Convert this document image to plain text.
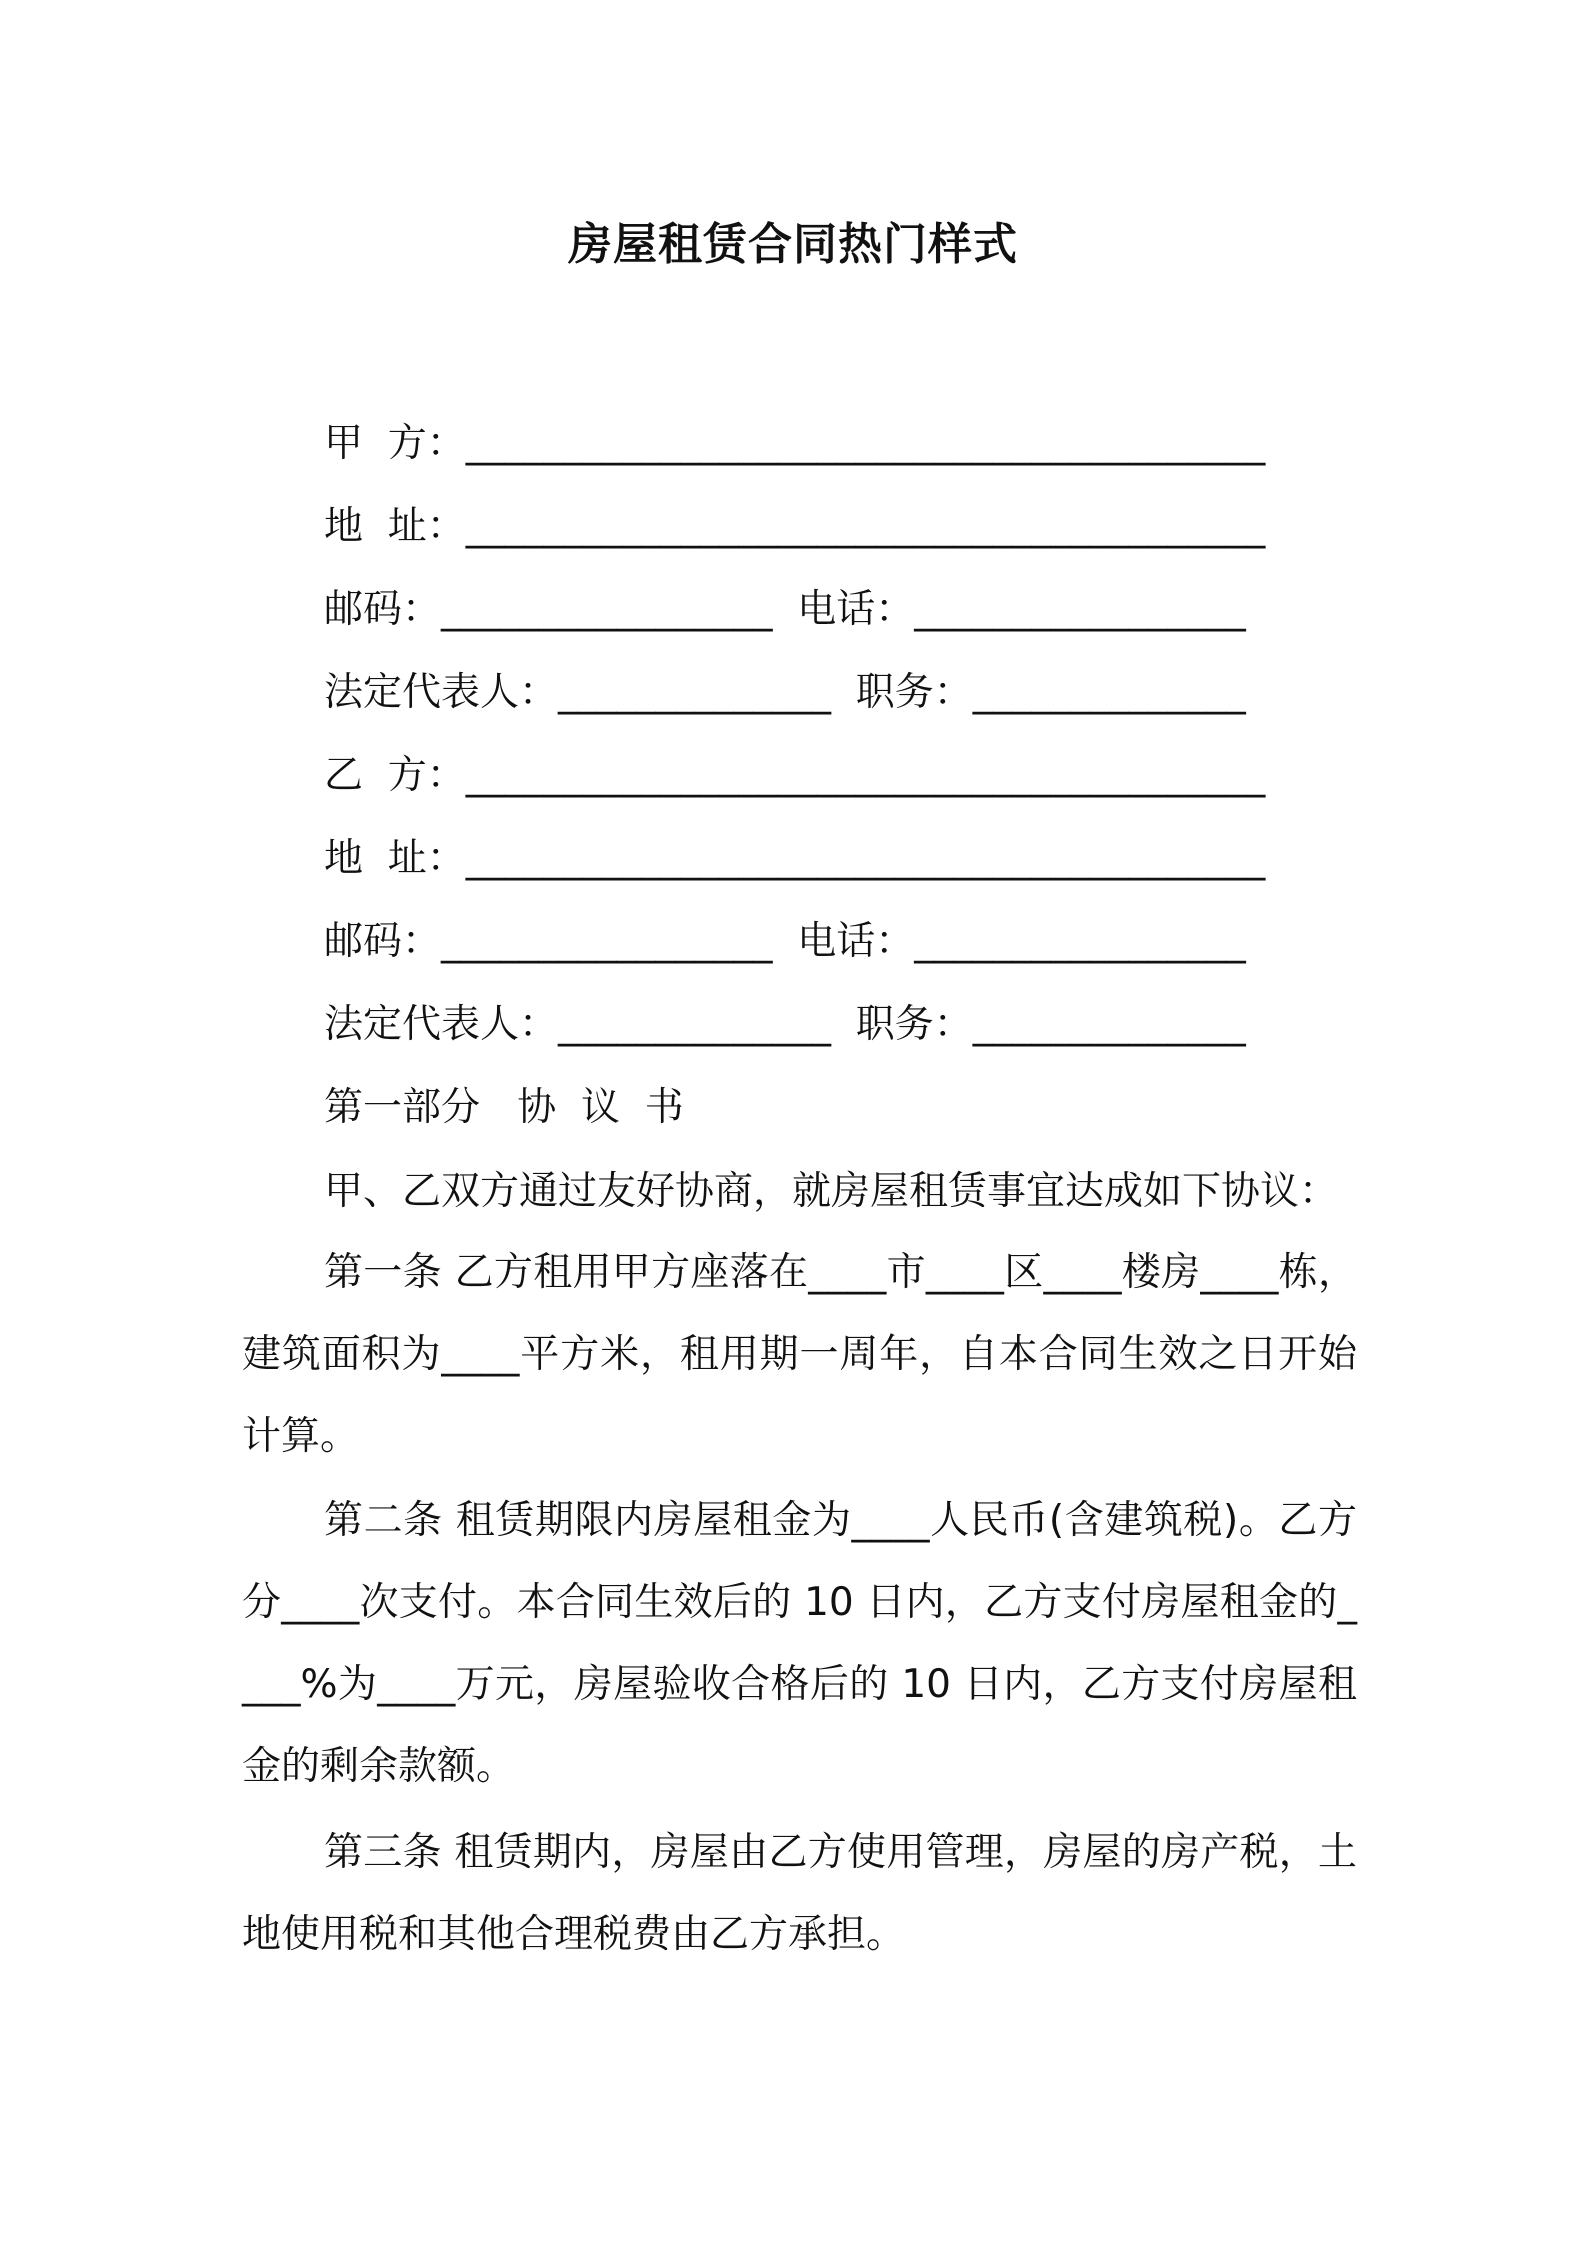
房屋租赁合同热门样式
甲  方：_________________________________________
地  址：_________________________________________
邮码：_________________  电话：_________________
法定代表人：______________  职务：______________
乙  方：_________________________________________
地  址：_________________________________________
邮码：_________________  电话：_________________
法定代表人：______________  职务：______________
第一部分   协  议  书
甲、乙双方通过友好协商，就房屋租赁事宜达成如下协议：
第一条 乙方租用甲方座落在____市____区____楼房____栋，建筑面积为____平方米，租用期一周年，自本合同生效之日开始计算。
第二条 租赁期限内房屋租金为____人民币(含建筑税)。乙方分____次支付。本合同生效后的 10 日内，乙方支付房屋租金的____%为____万元，房屋验收合格后的 10 日内，乙方支付房屋租金的剩余款额。
第三条 租赁期内，房屋由乙方使用管理，房屋的房产税，土地使用税和其他合理税费由乙方承担。
